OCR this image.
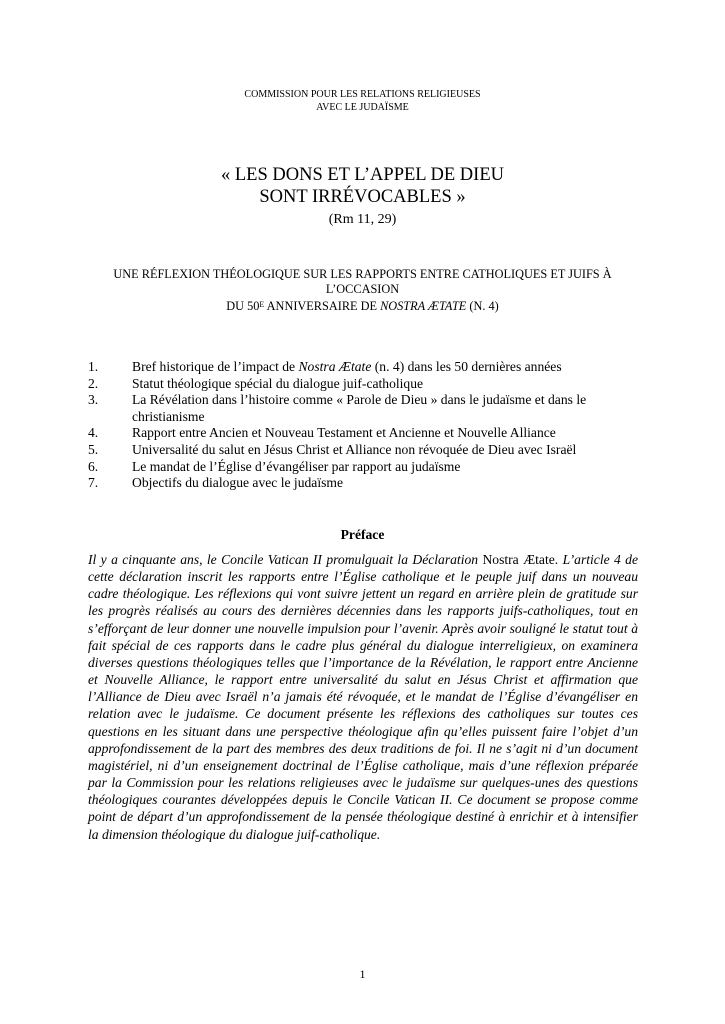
COMMISSION POUR LES RELATIONS RELIGIEUSES
AVEC LE JUDAÏSME
« LES DONS ET L’APPEL DE DIEU
SONT IRRÉVOCABLES »
(Rm 11, 29)
UNE RÉFLEXION THÉOLOGIQUE SUR LES RAPPORTS ENTRE CATHOLIQUES ET JUIFS À L’OCCASION
DU $50^E$ ANNIVERSAIRE DE NOSTRA ÆTATE (N. 4)
1.	Bref historique de l’impact de Nostra Ætate (n. 4) dans les 50 dernières années
2.	Statut théologique spécial du dialogue juif-catholique
3.	La Révélation dans l’histoire comme « Parole de Dieu » dans le judaïsme et dans le christianisme
4.	Rapport entre Ancien et Nouveau Testament et Ancienne et Nouvelle Alliance
5.	Universalité du salut en Jésus Christ et Alliance non révoquée de Dieu avec Israël
6.	Le mandat de l’Église d’évangéliser par rapport au judaïsme
7.	Objectifs du dialogue avec le judaïsme
Préface
Il y a cinquante ans, le Concile Vatican II promulguait la Déclaration Nostra Ætate. L’article 4 de cette déclaration inscrit les rapports entre l’Église catholique et le peuple juif dans un nouveau cadre théologique. Les réflexions qui vont suivre jettent un regard en arrière plein de gratitude sur les progrès réalisés au cours des dernières décennies dans les rapports juifs-catholiques, tout en s’efforçant de leur donner une nouvelle impulsion pour l’avenir. Après avoir souligné le statut tout à fait spécial de ces rapports dans le cadre plus général du dialogue interreligieux, on examinera diverses questions théologiques telles que l’importance de la Révélation, le rapport entre Ancienne et Nouvelle Alliance, le rapport entre universalité du salut en Jésus Christ et affirmation que l’Alliance de Dieu avec Israël n’a jamais été révoquée, et le mandat de l’Église d’évangéliser en relation avec le judaïsme. Ce document présente les réflexions des catholiques sur toutes ces questions en les situant dans une perspective théologique afin qu’elles puissent faire l’objet d’un approfondissement de la part des membres des deux traditions de foi. Il ne s’agit ni d’un document magistériel, ni d’un enseignement doctrinal de l’Église catholique, mais d’une réflexion préparée par la Commission pour les relations religieuses avec le judaïsme sur quelques-unes des questions théologiques courantes développées depuis le Concile Vatican II. Ce document se propose comme point de départ d’un approfondissement de la pensée théologique destiné à enrichir et à intensifier la dimension théologique du dialogue juif-catholique.
1
